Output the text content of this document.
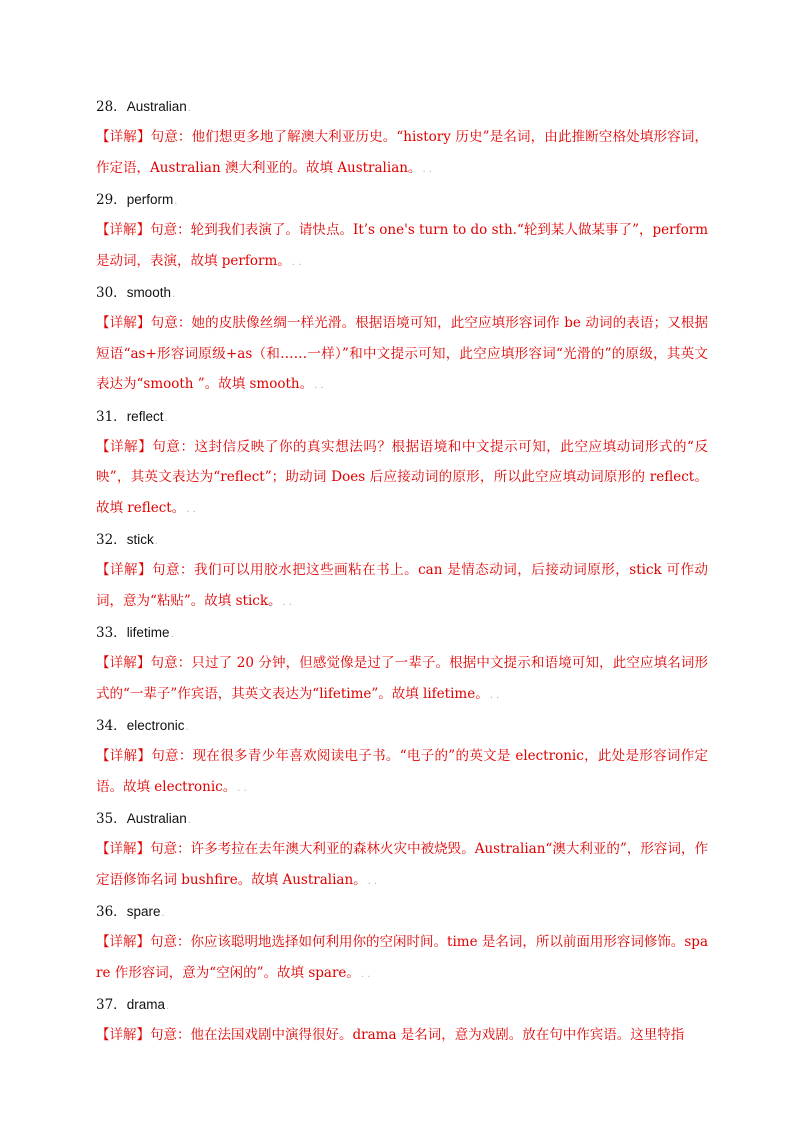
28．Australian.
【详解】句意：他们想更多地了解澳大利亚历史。“history 历史”是名词，由此推断空格处填形容词，作定语，Australian 澳大利亚的。故填 Australian。. .
29．perform.
【详解】句意：轮到我们表演了。请快点。It’s one's turn to do sth.“轮到某人做某事了”，perform 是动词，表演，故填 perform。. .
30．smooth.
【详解】句意：她的皮肤像丝绸一样光滑。根据语境可知，此空应填形容词作 be 动词的表语；又根据短语“as+形容词原级+as（和……一样）”和中文提示可知，此空应填形容词“光滑的”的原级，其英文表达为“smooth ”。故填 smooth。. .
31．reflect.
【详解】句意：这封信反映了你的真实想法吗？根据语境和中文提示可知，此空应填动词形式的“反映”，其英文表达为“reflect”；助动词 Does 后应接动词的原形，所以此空应填动词原形的 reflect。故填 reflect。. .
32．stick.
【详解】句意：我们可以用胶水把这些画粘在书上。can 是情态动词，后接动词原形，stick 可作动词，意为“粘贴”。故填 stick。. .
33．lifetime.
【详解】句意：只过了 20 分钟，但感觉像是过了一辈子。根据中文提示和语境可知，此空应填名词形式的“一辈子”作宾语，其英文表达为“lifetime”。故填 lifetime。. .
34．electronic.
【详解】句意：现在很多青少年喜欢阅读电子书。“电子的”的英文是 electronic，此处是形容词作定语。故填 electronic。. .
35．Australian.
【详解】句意：许多考拉在去年澳大利亚的森林火灾中被烧毁。Australian“澳大利亚的”，形容词，作定语修饰名词 bushfire。故填 Australian。. .
36．spare.
【详解】句意：你应该聪明地选择如何利用你的空闲时间。time 是名词，所以前面用形容词修饰。spare 作形容词，意为“空闲的”。故填 spare。. .
37．drama.
【详解】句意：他在法国戏剧中演得很好。drama 是名词，意为戏剧。放在句中作宾语。这里特指
